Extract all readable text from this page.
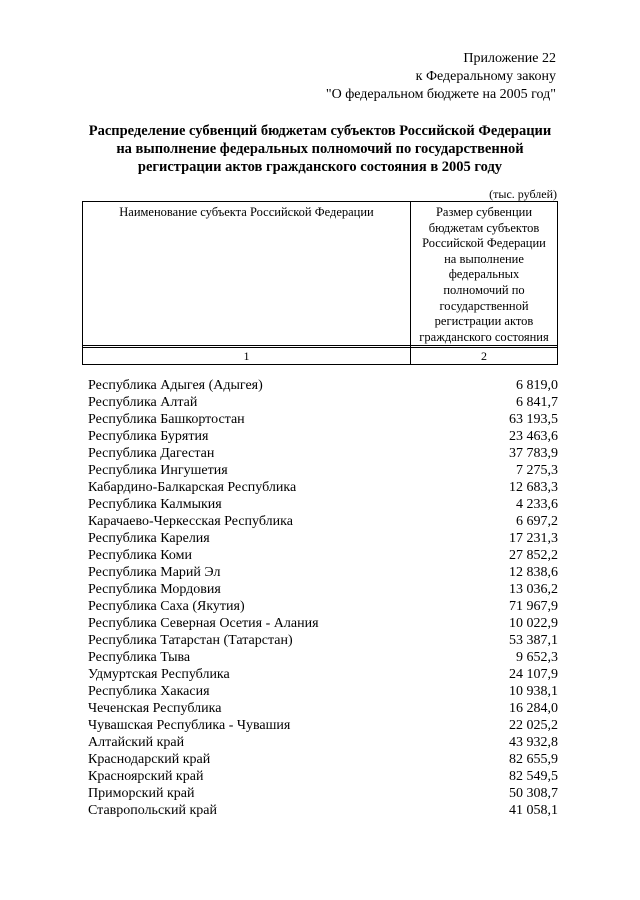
Приложение 22
к Федеральному закону
"О федеральном бюджете на 2005 год"
Распределение субвенций бюджетам субъектов Российской Федерации
на выполнение федеральных полномочий по государственной
регистрации актов гражданского состояния в 2005 году
(тыс. рублей)
Наименование субъекта Российской Федерации	Размер субвенции
бюджетам субъектов
Российской Федерации
на выполнение
федеральных
полномочий по
государственной
регистрации актов
гражданского состояния
1	2
Республика Адыгея (Адыгея)	6 819,0
Республика Алтай	6 841,7
Республика Башкортостан	63 193,5
Республика Бурятия	23 463,6
Республика Дагестан	37 783,9
Республика Ингушетия	7 275,3
Кабардино-Балкарская Республика	12 683,3
Республика Калмыкия	4 233,6
Карачаево-Черкесская Республика	6 697,2
Республика Карелия	17 231,3
Республика Коми	27 852,2
Республика Марий Эл	12 838,6
Республика Мордовия	13 036,2
Республика Саха (Якутия)	71 967,9
Республика Северная Осетия - Алания	10 022,9
Республика Татарстан (Татарстан)	53 387,1
Республика Тыва	9 652,3
Удмуртская Республика	24 107,9
Республика Хакасия	10 938,1
Чеченская Республика	16 284,0
Чувашская Республика - Чувашия	22 025,2
Алтайский край	43 932,8
Краснодарский край	82 655,9
Красноярский край	82 549,5
Приморский край	50 308,7
Ставропольский край	41 058,1
